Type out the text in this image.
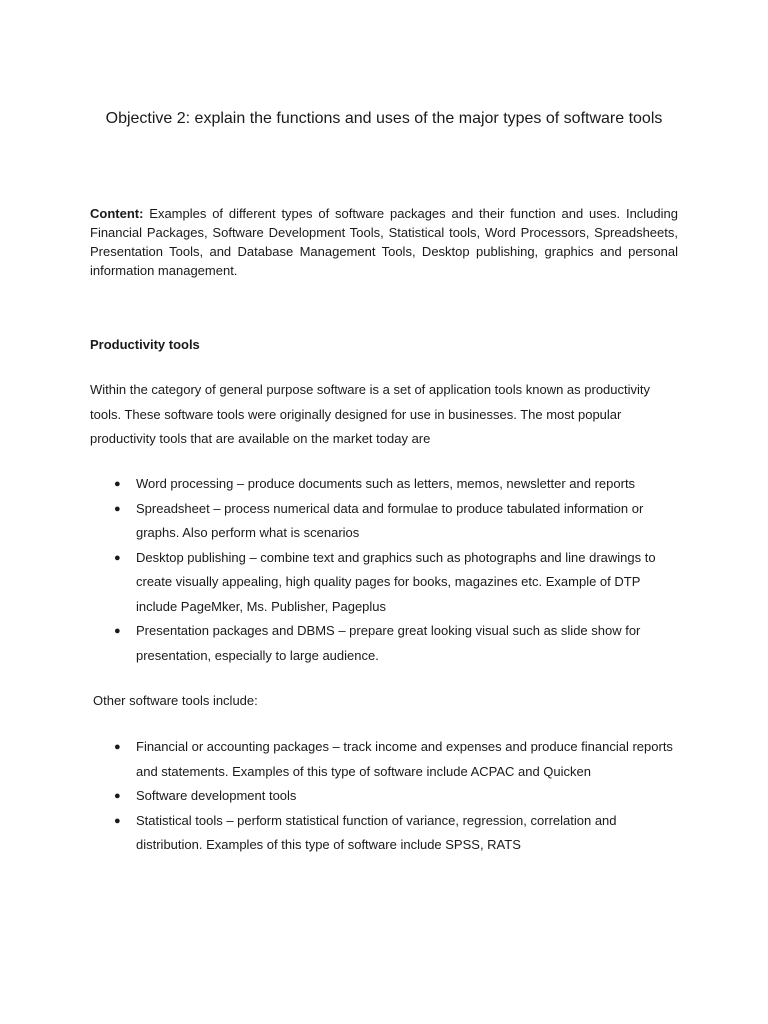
Objective 2: explain the functions and uses of the major types of software tools

Content: Examples of different types of software packages and their function and uses. Including Financial Packages, Software Development Tools, Statistical tools, Word Processors, Spreadsheets, Presentation Tools, and Database Management Tools, Desktop publishing, graphics and personal information management.

Productivity tools

Within the category of general purpose software is a set of application tools known as productivity tools. These software tools were originally designed for use in businesses. The most popular productivity tools that are available on the market today are

● Word processing – produce documents such as letters, memos, newsletter and reports
● Spreadsheet – process numerical data and formulae to produce tabulated information or graphs. Also perform what is scenarios
● Desktop publishing – combine text and graphics such as photographs and line drawings to create visually appealing, high quality pages for books, magazines etc. Example of DTP include PageMker, Ms. Publisher, Pageplus
● Presentation packages and DBMS – prepare great looking visual such as slide show for presentation, especially to large audience.

Other software tools include:

● Financial or accounting packages – track income and expenses and produce financial reports and statements. Examples of this type of software include ACPAC and Quicken
● Software development tools
● Statistical tools – perform statistical function of variance, regression, correlation and distribution. Examples of this type of software include SPSS, RATS
